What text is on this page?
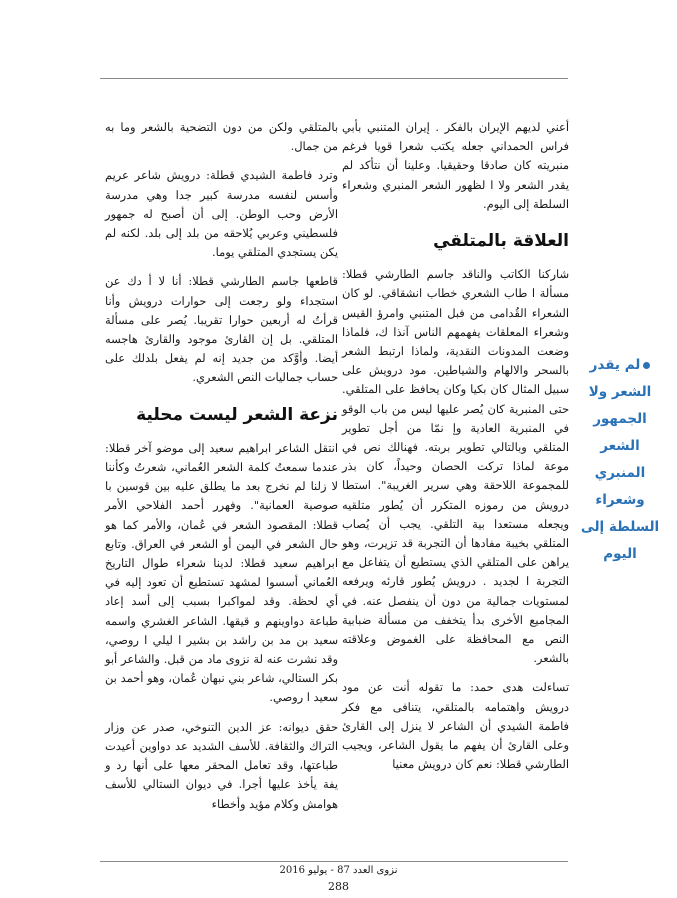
أعني لديهم الإيران بالفكر . إيران المتنبي بأبي فراس الحمداني جعله يكتب شعرا قويا فرغم منبريته كان صادقا وحقيقيا. وعلينا أن نتأكد لم يقدر الشعر ولا ا لظهور الشعر المنبري وشعراء السلطة إلى اليوم.

العلاقة بالمتلقي

شاركنا الكاتب والناقد جاسم الطارشي قطلا: مسألة ا طاب الشعري خطاب انشقاقي. لو كان الشعراء القُدامى من فبل المتنبي وامرؤ القيس وشعراء المعلقات يفهمهم الناس آنذا ك، فلماذا وضعت المدونات النقدية، ولماذا ارتبط الشعر بالسحر والالهام والشياطين. مود درويش على سبيل المثال كان بكيا وكان يحافظ على المتلقي. حتى المنبرية كان يُصر عليها ليس من باب الوقو في المنبرية العادية وإ نمّا من أجل تطوير المتلقي وبالتالي تطوير بربته. فهنالك نص في موعة لماذا تركت الحصان وحيداً، كان بذر للمجموعة اللاحقة وهي سرير الغريبة". استطا درويش من رموزه المتكرر أن يُطور متلقيه ويجعله مستعدا بية التلقي. يجب أن يُصاب المتلقي بخيبة مفادها أن التجربة قد تزيرت، وهو يراهن على المتلقي الذي يستطيع أن يتفاعل مع التجربة ا لجديد . درويش يُطور قارئه ويرفعه لمستويات جمالية من دون أن ينفصل عنه. في المجاميع الأخرى بدأ يتخفف من مسألة ضبابية النص مع المحافظة على الغموض وعلاقته بالشعر.

تساءلت هدى حمد: ما تقوله أنت عن مود درويش واهتمامه بالمتلقي، يتنافى مع فكر فاطمة الشيدي أن الشاعر لا ينزل إلى القارئ وعلى القارئ أن يفهم ما يقول الشاعر، ويجيب الطارشي قطلا: نعم كان درويش معنيا

بالمتلقي ولكن من دون التضحية بالشعر وما به من جمال.

وترد فاطمة الشيدي قطلة: درويش شاعر عريم وأسس لنفسه مدرسة كبير جدا وهي مدرسة الأرض وحب الوطن. إلى أن أصبح له جمهور فلسطيني وعربي يُلاحقه من بلد إلى بلد. لكنه لم يكن يستجدي المتلقي يوما.

قاطعها جاسم الطارشي قطلا: أنا لا أ دك عن استجداء ولو رجعت إلى حوارات درويش وأنا قرأتُ له أربعين حوارا تقريبا. يُصر على مسألة المتلقي. بل إن القارئ موجود والقارئ هاجسه أيضا. وأوَّكد من جديد إنه لم يفعل بلدلك على حساب جماليات النص الشعري.

نزعة الشعر ليست محلية

انتقل الشاعر ابراهيم سعيد إلى موضو آخر قطلا: عندما سمعتُ كلمة الشعر العُماني، شعرتُ وكأننا لا زلنا لم نخرج بعد ما يطلق عليه بين قوسين با صوصية العمانية". وفهرر أحمد الفلاحي الأمر قطلا: المقصود الشعر في عُمان، والأمر كما هو حال الشعر في اليمن أو الشعر في العراق. وتابع ابراهيم سعيد قطلا: لدينا شعراء طوال التاريخ العُماني أسسوا لمشهد تستطيع أن تعود إليه في أي لحظة. وقد لمواكبرا بسبب إلى أسد إعاد طباعة دواوينهم و قيقها. الشاعر الغشري واسمه سعيد بن مد بن راشد بن بشير ا ليلي ا روصي، وقد نشرت عنه لة نزوى ماد من قبل. والشاعر أبو بكر الستالي، شاعر بني نبهان عُمان، وهو أحمد بن سعيد ا روصي.

حقق ديوانه: عز الدين التنوخي، صدر عن وزار التراك والثقافة. للأسف الشديد عد دواوين أعيدت طباعتها، وقد تعامل المحقر معها على أنها رد و يفة يأخذ عليها أجرا. في ديوان الستالي للأسف هوامش وكلام مؤيد وأخطاء

لم يقدر
الشعر ولا
الجمهور
الشعر المنبري
وشعراء
السلطة إلى
اليوم
نزوى العدد 87 - يوليو 2016
288
